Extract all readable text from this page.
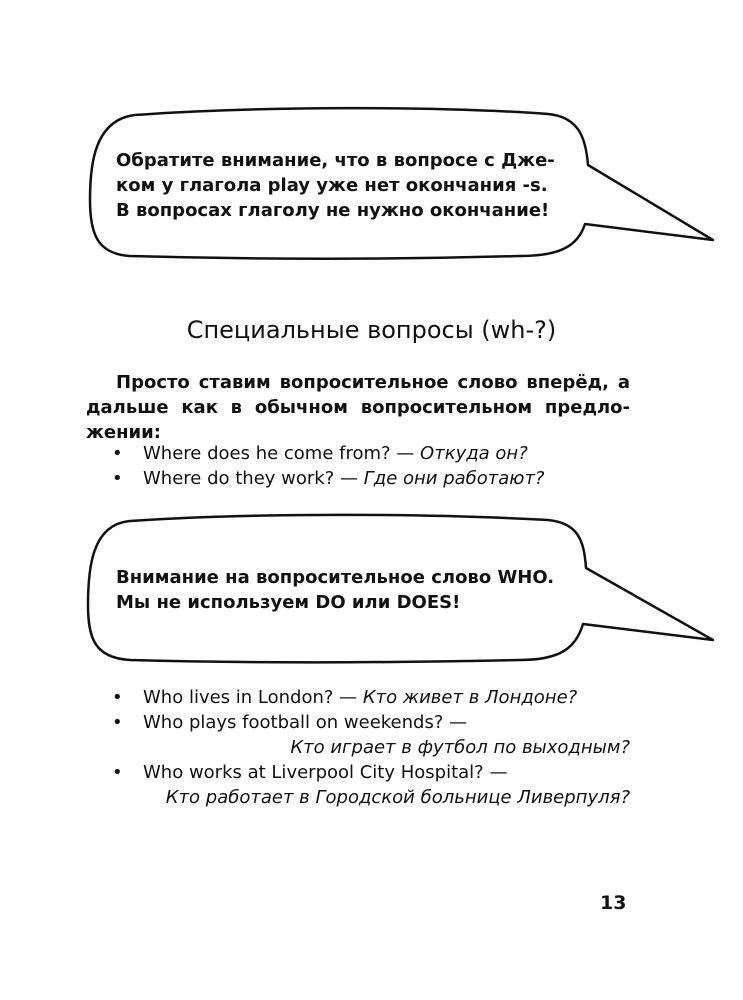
Обратите внимание, что в вопросе с Дже-
ком у глагола play уже нет окончания -s.
В вопросах глаголу не нужно окончание!
Специальные вопросы (wh-?)
Просто ставим вопросительное слово вперёд, а дальше как в обычном вопросительном предло-жении:
• Where does he come from? — Откуда он?
• Where do they work? — Где они работают?
Внимание на вопросительное слово WHO.
Мы не используем DO или DOES!
• Who lives in London? — Кто живет в Лондоне?
• Who plays football on weekends? —
Кто играет в футбол по выходным?
• Who works at Liverpool City Hospital? —
Кто работает в Городской больнице Ливерпуля?
13
